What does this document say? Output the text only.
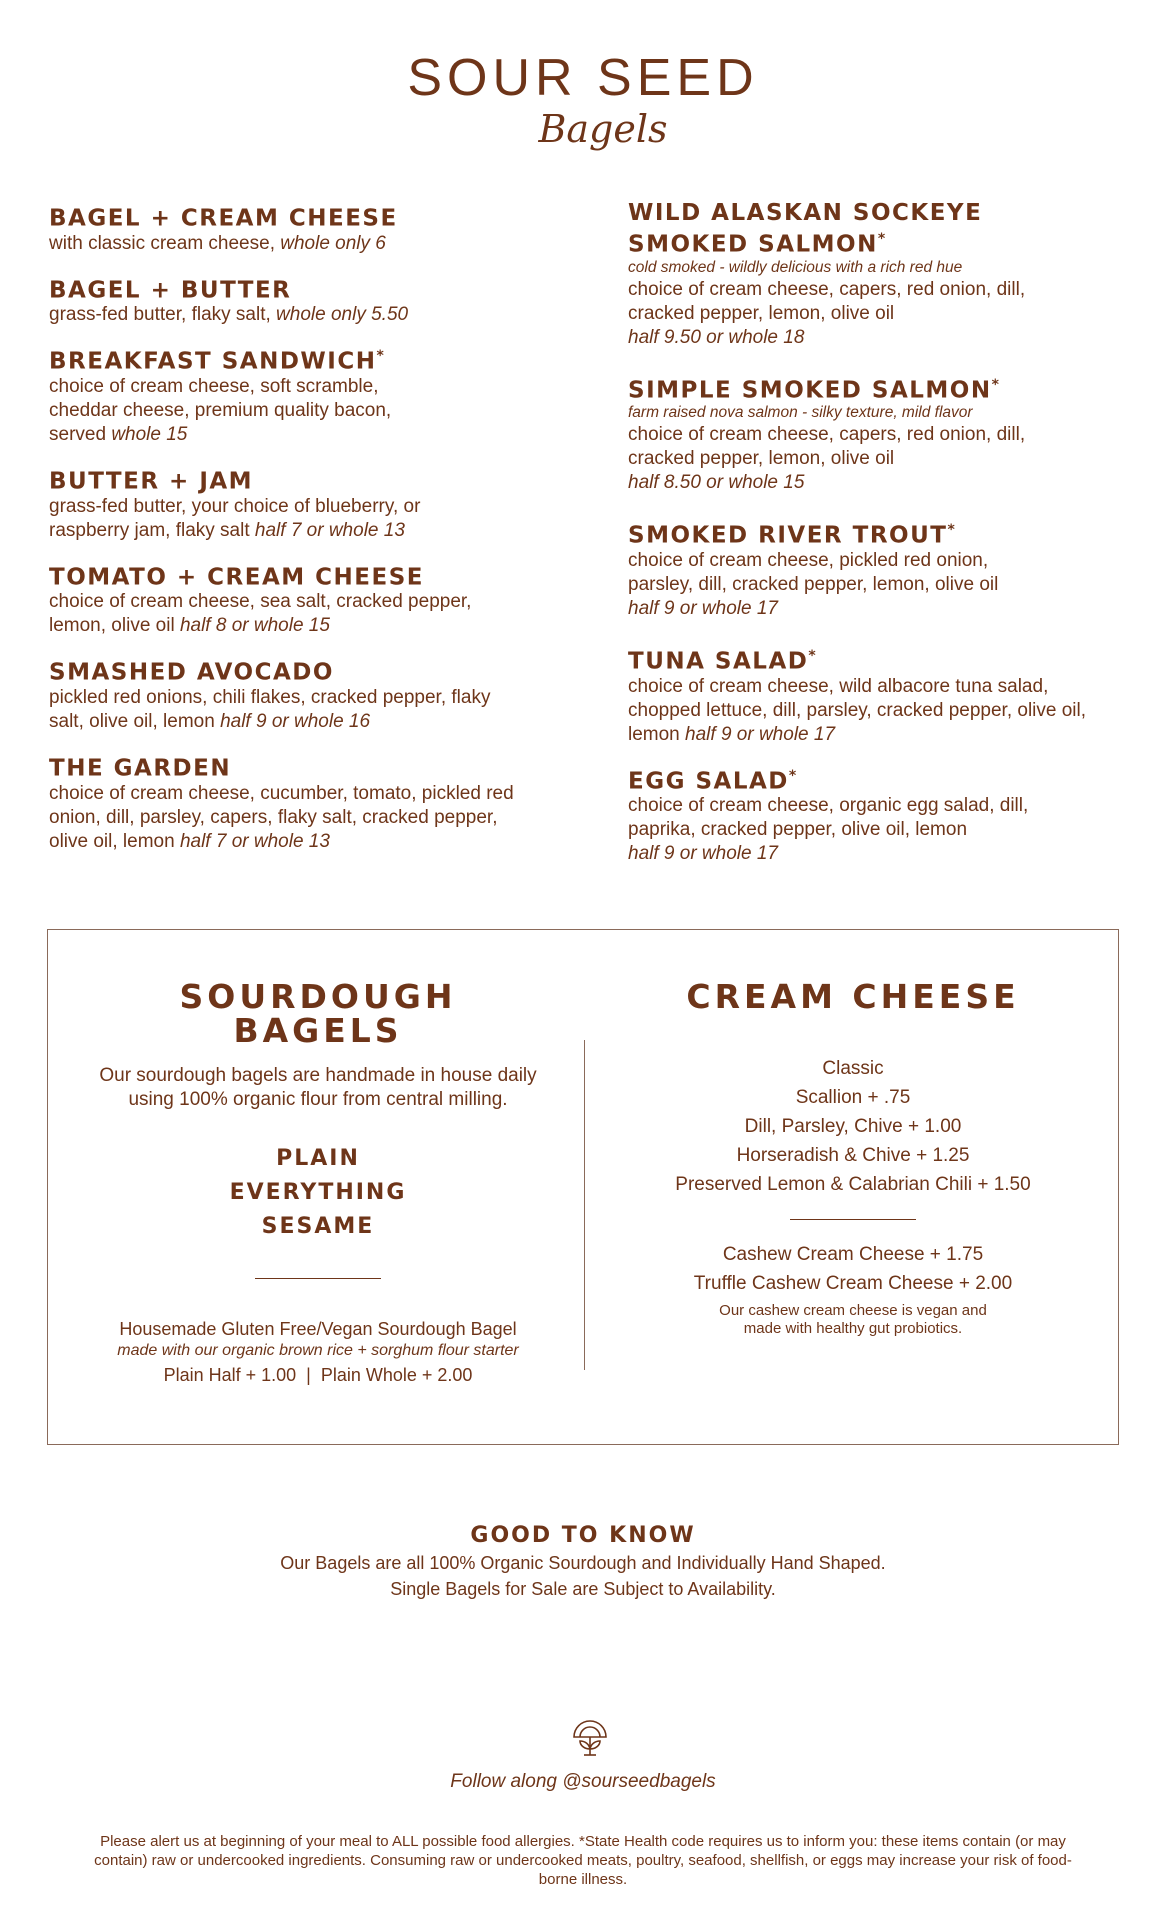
SOUR SEED
Bagels
BAGEL + CREAM CHEESE
with classic cream cheese, whole only 6
BAGEL + BUTTER
grass-fed butter, flaky salt, whole only 5.50
BREAKFAST SANDWICH*
choice of cream cheese, soft scramble, cheddar cheese, premium quality bacon, served whole 15
BUTTER + JAM
grass-fed butter, your choice of blueberry, or raspberry jam, flaky salt half 7 or whole 13
TOMATO + CREAM CHEESE
choice of cream cheese, sea salt, cracked pepper, lemon, olive oil half 8 or whole 15
SMASHED AVOCADO
pickled red onions, chili flakes, cracked pepper, flaky salt, olive oil, lemon half 9 or whole 16
THE GARDEN
choice of cream cheese, cucumber, tomato, pickled red onion, dill, parsley, capers, flaky salt, cracked pepper, olive oil, lemon half 7 or whole 13
WILD ALASKAN SOCKEYE SMOKED SALMON*
cold smoked - wildly delicious with a rich red hue
choice of cream cheese, capers, red onion, dill, cracked pepper, lemon, olive oil
half 9.50 or whole 18
SIMPLE SMOKED SALMON*
farm raised nova salmon - silky texture, mild flavor
choice of cream cheese, capers, red onion, dill, cracked pepper, lemon, olive oil
half 8.50 or whole 15
SMOKED RIVER TROUT*
choice of cream cheese, pickled red onion, parsley, dill, cracked pepper, lemon, olive oil
half 9 or whole 17
TUNA SALAD*
choice of cream cheese, wild albacore tuna salad, chopped lettuce, dill, parsley, cracked pepper, olive oil, lemon half 9 or whole 17
EGG SALAD*
choice of cream cheese, organic egg salad, dill, paprika, cracked pepper, olive oil, lemon
half 9 or whole 17
SOURDOUGH BAGELS
Our sourdough bagels are handmade in house daily using 100% organic flour from central milling.
PLAIN
EVERYTHING
SESAME
Housemade Gluten Free/Vegan Sourdough Bagel
made with our organic brown rice + sorghum flour starter
Plain Half + 1.00  |  Plain Whole + 2.00
CREAM CHEESE
Classic
Scallion + .75
Dill, Parsley, Chive + 1.00
Horseradish & Chive + 1.25
Preserved Lemon & Calabrian Chili + 1.50
Cashew Cream Cheese + 1.75
Truffle Cashew Cream Cheese + 2.00
Our cashew cream cheese is vegan and made with healthy gut probiotics.
GOOD TO KNOW
Our Bagels are all 100% Organic Sourdough and Individually Hand Shaped.
Single Bagels for Sale are Subject to Availability.
Follow along @sourseedbagels
Please alert us at beginning of your meal to ALL possible food allergies. *State Health code requires us to inform you: these items contain (or may contain) raw or undercooked ingredients. Consuming raw or undercooked meats, poultry, seafood, shellfish, or eggs may increase your risk of food-borne illness.
